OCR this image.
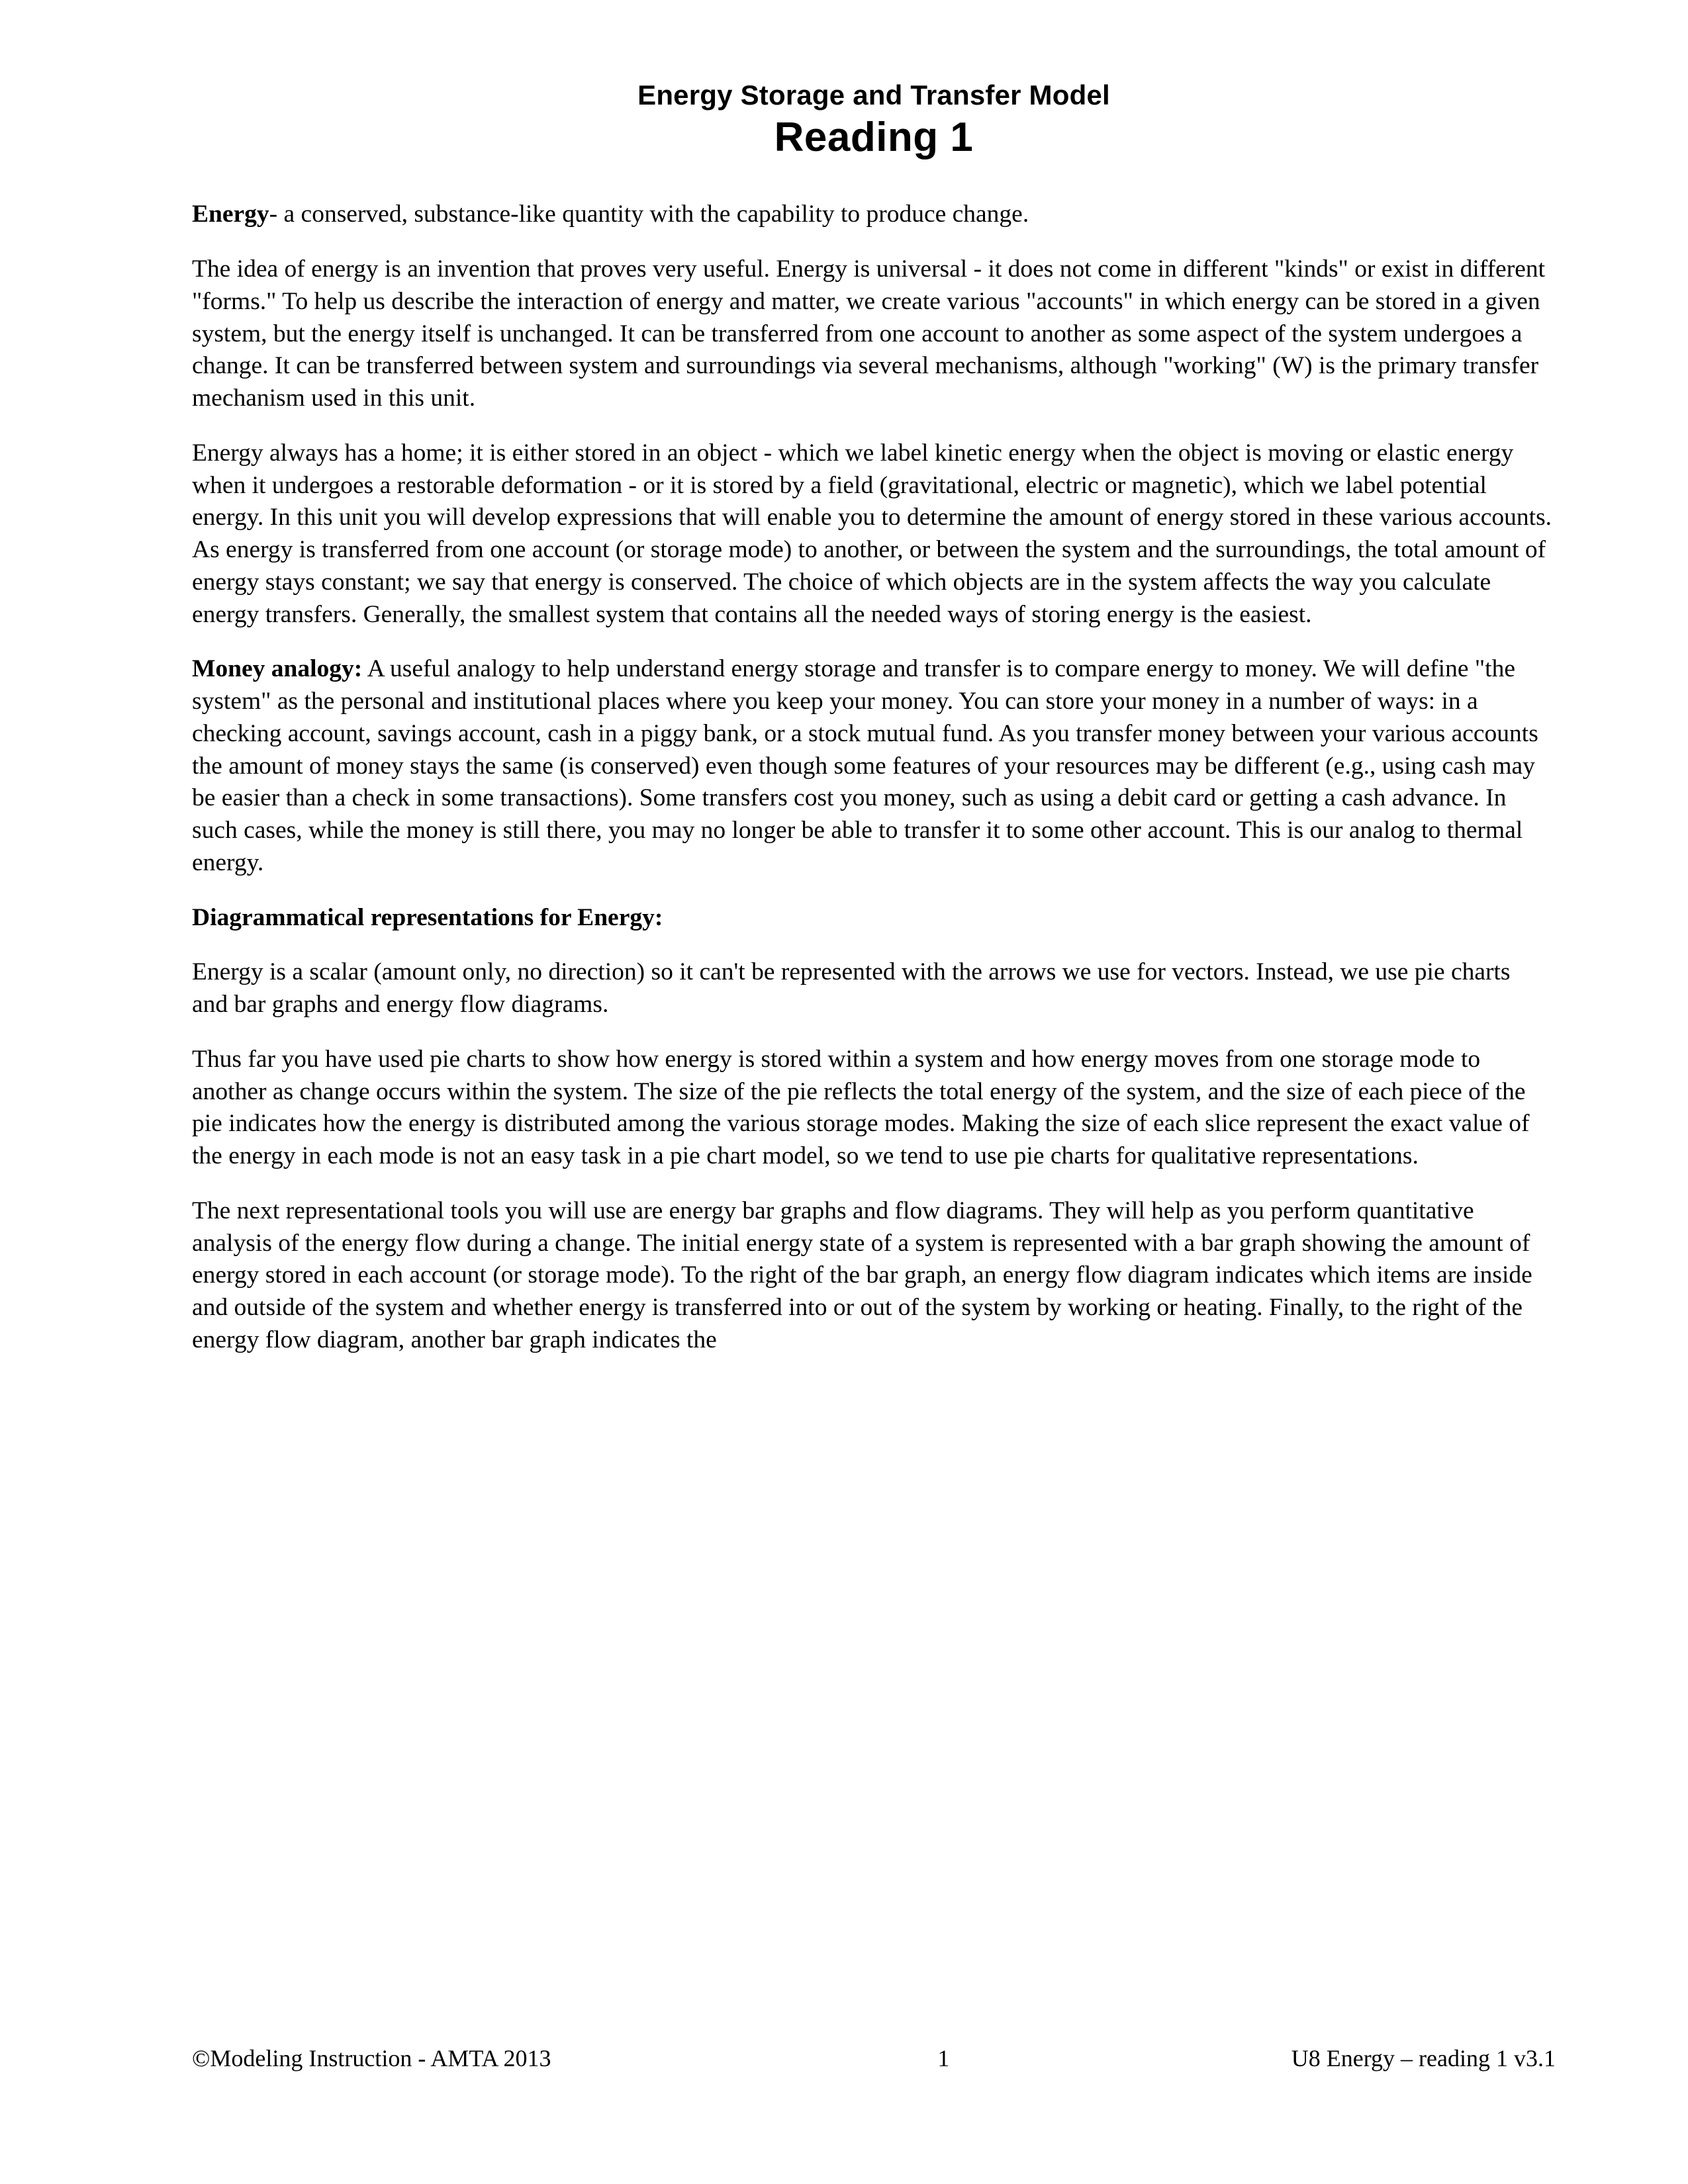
Energy Storage and Transfer Model
Reading 1

Energy- a conserved, substance-like quantity with the capability to produce change.

The idea of energy is an invention that proves very useful. Energy is universal - it does not come in different "kinds" or exist in different "forms." To help us describe the interaction of energy and matter, we create various "accounts" in which energy can be stored in a given system, but the energy itself is unchanged. It can be transferred from one account to another as some aspect of the system undergoes a change. It can be transferred between system and surroundings via several mechanisms, although "working" (W) is the primary transfer mechanism used in this unit.

Energy always has a home; it is either stored in an object - which we label kinetic energy when the object is moving or elastic energy when it undergoes a restorable deformation - or it is stored by a field (gravitational, electric or magnetic), which we label potential energy. In this unit you will develop expressions that will enable you to determine the amount of energy stored in these various accounts. As energy is transferred from one account (or storage mode) to another, or between the system and the surroundings, the total amount of energy stays constant; we say that energy is conserved. The choice of which objects are in the system affects the way you calculate energy transfers. Generally, the smallest system that contains all the needed ways of storing energy is the easiest.

Money analogy: A useful analogy to help understand energy storage and transfer is to compare energy to money. We will define "the system" as the personal and institutional places where you keep your money. You can store your money in a number of ways: in a checking account, savings account, cash in a piggy bank, or a stock mutual fund. As you transfer money between your various accounts the amount of money stays the same (is conserved) even though some features of your resources may be different (e.g., using cash may be easier than a check in some transactions). Some transfers cost you money, such as using a debit card or getting a cash advance. In such cases, while the money is still there, you may no longer be able to transfer it to some other account. This is our analog to thermal energy.

Diagrammatical representations for Energy:

Energy is a scalar (amount only, no direction) so it can't be represented with the arrows we use for vectors. Instead, we use pie charts and bar graphs and energy flow diagrams.

Thus far you have used pie charts to show how energy is stored within a system and how energy moves from one storage mode to another as change occurs within the system. The size of the pie reflects the total energy of the system, and the size of each piece of the pie indicates how the energy is distributed among the various storage modes. Making the size of each slice represent the exact value of the energy in each mode is not an easy task in a pie chart model, so we tend to use pie charts for qualitative representations.

The next representational tools you will use are energy bar graphs and flow diagrams. They will help as you perform quantitative analysis of the energy flow during a change. The initial energy state of a system is represented with a bar graph showing the amount of energy stored in each account (or storage mode). To the right of the bar graph, an energy flow diagram indicates which items are inside and outside of the system and whether energy is transferred into or out of the system by working or heating. Finally, to the right of the energy flow diagram, another bar graph indicates the

©Modeling Instruction - AMTA 2013	1	U8 Energy – reading 1 v3.1
